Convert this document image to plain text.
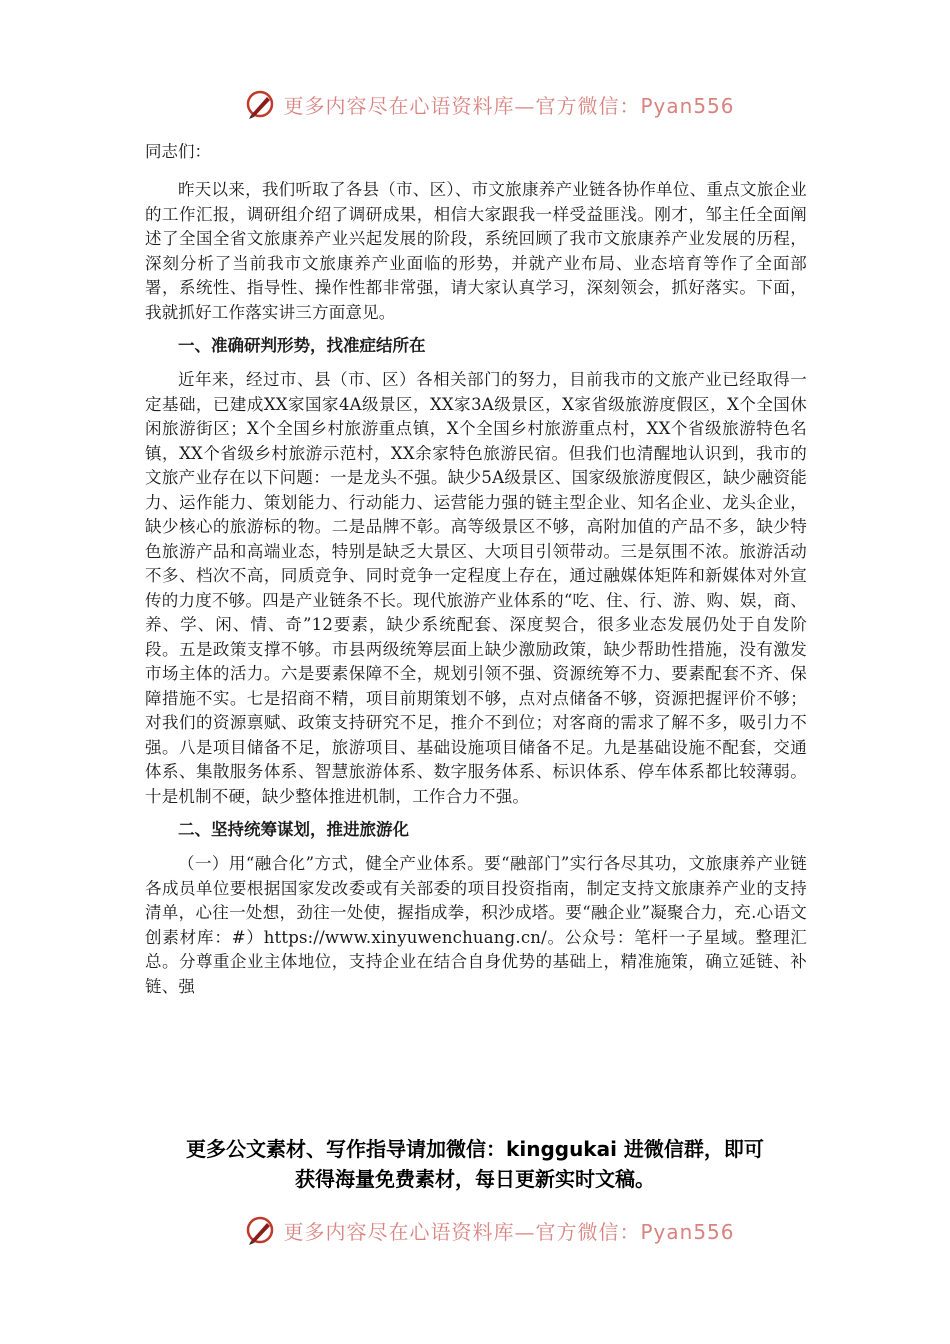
更多内容尽在心语资料库—官方微信：Pyan556

同志们：

昨天以来，我们听取了各县（市、区）、市文旅康养产业链各协作单位、重点文旅企业的工作汇报，调研组介绍了调研成果，相信大家跟我一样受益匪浅。刚才，邹主任全面阐述了全国全省文旅康养产业兴起发展的阶段，系统回顾了我市文旅康养产业发展的历程，深刻分析了当前我市文旅康养产业面临的形势，并就产业布局、业态培育等作了全面部署，系统性、指导性、操作性都非常强，请大家认真学习，深刻领会，抓好落实。下面，我就抓好工作落实讲三方面意见。

一、准确研判形势，找准症结所在

近年来，经过市、县（市、区）各相关部门的努力，目前我市的文旅产业已经取得一定基础，已建成XX家国家4A级景区，XX家3A级景区，X家省级旅游度假区，X个全国休闲旅游街区；X个全国乡村旅游重点镇，X个全国乡村旅游重点村，XX个省级旅游特色名镇，XX个省级乡村旅游示范村，XX余家特色旅游民宿。但我们也清醒地认识到，我市的文旅产业存在以下问题：一是龙头不强。缺少5A级景区、国家级旅游度假区，缺少融资能力、运作能力、策划能力、行动能力、运营能力强的链主型企业、知名企业、龙头企业，缺少核心的旅游标的物。二是品牌不彰。高等级景区不够，高附加值的产品不多，缺少特色旅游产品和高端业态，特别是缺乏大景区、大项目引领带动。三是氛围不浓。旅游活动不多、档次不高，同质竞争、同时竞争一定程度上存在，通过融媒体矩阵和新媒体对外宣传的力度不够。四是产业链条不长。现代旅游产业体系的“吃、住、行、游、购、娱，商、养、学、闲、情、奇”12要素，缺少系统配套、深度契合，很多业态发展仍处于自发阶段。五是政策支撑不够。市县两级统筹层面上缺少激励政策，缺少帮助性措施，没有激发市场主体的活力。六是要素保障不全，规划引领不强、资源统筹不力、要素配套不齐、保障措施不实。七是招商不精，项目前期策划不够，点对点储备不够，资源把握评价不够；对我们的资源禀赋、政策支持研究不足，推介不到位；对客商的需求了解不多，吸引力不强。八是项目储备不足，旅游项目、基础设施项目储备不足。九是基础设施不配套，交通体系、集散服务体系、智慧旅游体系、数字服务体系、标识体系、停车体系都比较薄弱。十是机制不硬，缺少整体推进机制，工作合力不强。

二、坚持统筹谋划，推进旅游化

（一）用“融合化”方式，健全产业体系。要“融部门”实行各尽其功，文旅康养产业链各成员单位要根据国家发改委或有关部委的项目投资指南，制定支持文旅康养产业的支持清单，心往一处想，劲往一处使，握指成拳，积沙成塔。要“融企业”凝聚合力，充.心语文创素材库：#）https://www.xinyuwenchuang.cn/。公众号：笔杆一子星域。整理汇总。分尊重企业主体地位，支持企业在结合自身优势的基础上，精准施策，确立延链、补链、强

更多公文素材、写作指导请加微信：kinggukai 进微信群，即可
获得海量免费素材，每日更新实时文稿。
更多内容尽在心语资料库—官方微信：Pyan556
